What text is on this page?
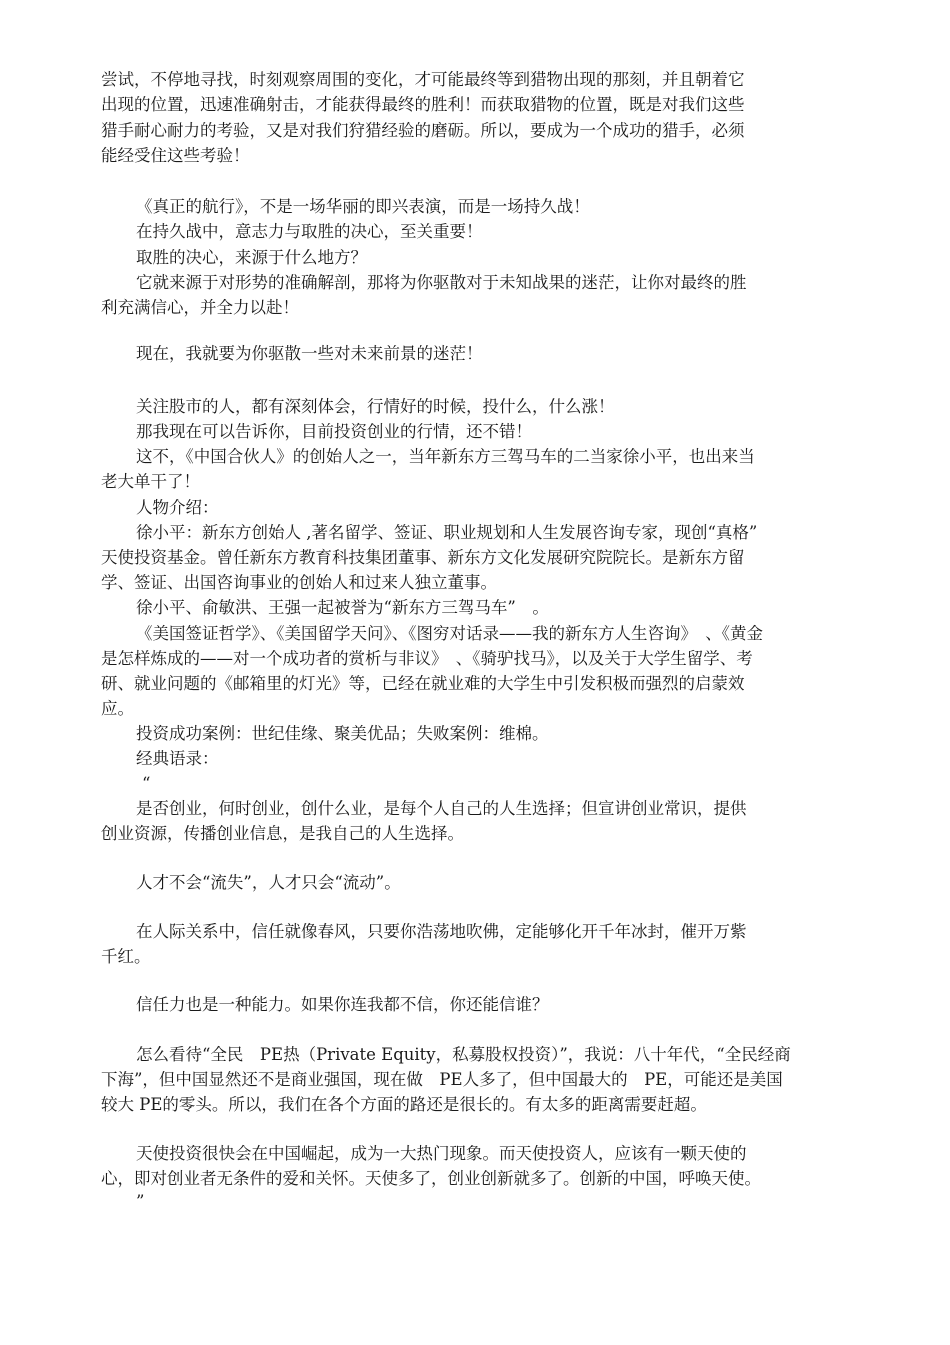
尝试，不停地寻找，时刻观察周围的变化，才可能最终等到猎物出现的那刻，并且朝着它
出现的位置，迅速准确射击，才能获得最终的胜利！而获取猎物的位置，既是对我们这些
猎手耐心耐力的考验，又是对我们狩猎经验的磨砺。所以，要成为一个成功的猎手，必须
能经受住这些考验！
《真正的航行》，不是一场华丽的即兴表演，而是一场持久战！
在持久战中，意志力与取胜的决心，至关重要！
取胜的决心，来源于什么地方？
它就来源于对形势的准确解剖，那将为你驱散对于未知战果的迷茫，让你对最终的胜
利充满信心，并全力以赴！
现在，我就要为你驱散一些对未来前景的迷茫！
关注股市的人，都有深刻体会，行情好的时候，投什么，什么涨！
那我现在可以告诉你，目前投资创业的行情，还不错！
这不，《中国合伙人》的创始人之一，当年新东方三驾马车的二当家徐小平，也出来当
老大单干了！
人物介绍：
徐小平：新东方创始人 ,著名留学、签证、职业规划和人生发展咨询专家，现创“真格”
天使投资基金。曾任新东方教育科技集团董事、新东方文化发展研究院院长。是新东方留
学、签证、出国咨询事业的创始人和过来人独立董事。
徐小平、俞敏洪、王强一起被誉为“新东方三驾马车”　。
《美国签证哲学》、《美国留学天问》、《图穷对话录——我的新东方人生咨询》　、《黄金
是怎样炼成的——对一个成功者的赏析与非议》　、《骑驴找马》，以及关于大学生留学、考
研、就业问题的《邮箱里的灯光》等，已经在就业难的大学生中引发积极而强烈的启蒙效
应。
投资成功案例：世纪佳缘、聚美优品；失败案例：维棉。
经典语录：
“
是否创业，何时创业，创什么业，是每个人自己的人生选择；但宣讲创业常识，提供
创业资源，传播创业信息，是我自己的人生选择。
人才不会“流失”，人才只会“流动”。
在人际关系中，信任就像春风，只要你浩荡地吹佛，定能够化开千年冰封，催开万紫
千红。
信任力也是一种能力。如果你连我都不信，你还能信谁？
怎么看待“全民　PE热（Private Equity，私募股权投资）”，我说：八十年代，“全民经商
下海”，但中国显然还不是商业强国，现在做　PE人多了，但中国最大的　PE，可能还是美国
较大 PE的零头。所以，我们在各个方面的路还是很长的。有太多的距离需要赶超。
天使投资很快会在中国崛起，成为一大热门现象。而天使投资人，应该有一颗天使的
心，即对创业者无条件的爱和关怀。天使多了，创业创新就多了。创新的中国，呼唤天使。
”
